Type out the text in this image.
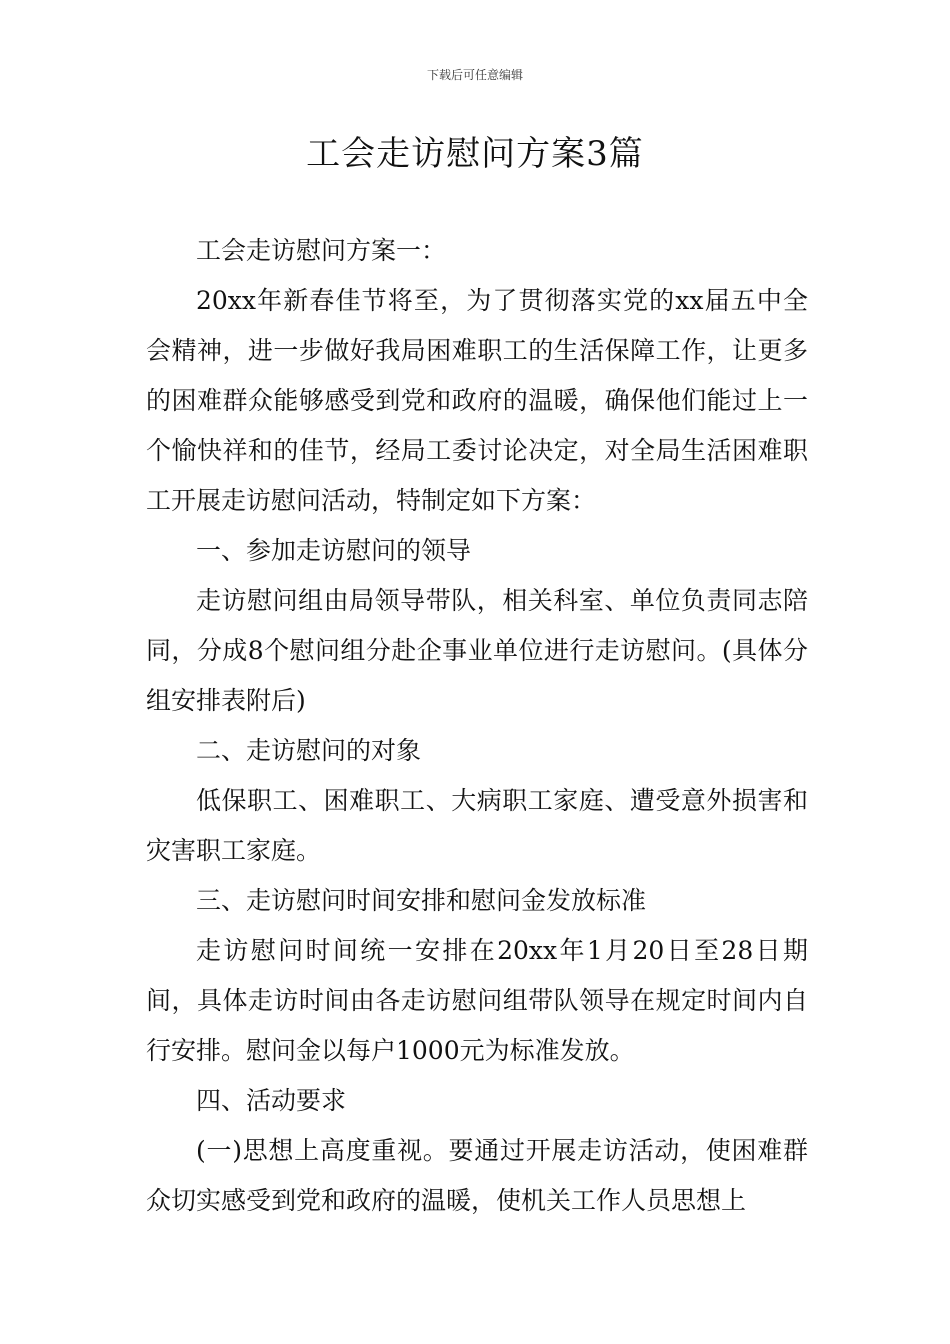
下载后可任意编辑
工会走访慰问方案3篇

工会走访慰问方案一：

20xx年新春佳节将至，为了贯彻落实党的xx届五中全会精神，进一步做好我局困难职工的生活保障工作，让更多的困难群众能够感受到党和政府的温暖，确保他们能过上一个愉快祥和的佳节，经局工委讨论决定，对全局生活困难职工开展走访慰问活动，特制定如下方案：

一、参加走访慰问的领导

走访慰问组由局领导带队，相关科室、单位负责同志陪同，分成8个慰问组分赴企事业单位进行走访慰问。(具体分组安排表附后)

二、走访慰问的对象

低保职工、困难职工、大病职工家庭、遭受意外损害和灾害职工家庭。

三、走访慰问时间安排和慰问金发放标准

走访慰问时间统一安排在20xx年1月20日至28日期间，具体走访时间由各走访慰问组带队领导在规定时间内自行安排。慰问金以每户1000元为标准发放。

四、活动要求

(一)思想上高度重视。要通过开展走访活动，使困难群众切实感受到党和政府的温暖，使机关工作人员思想上
